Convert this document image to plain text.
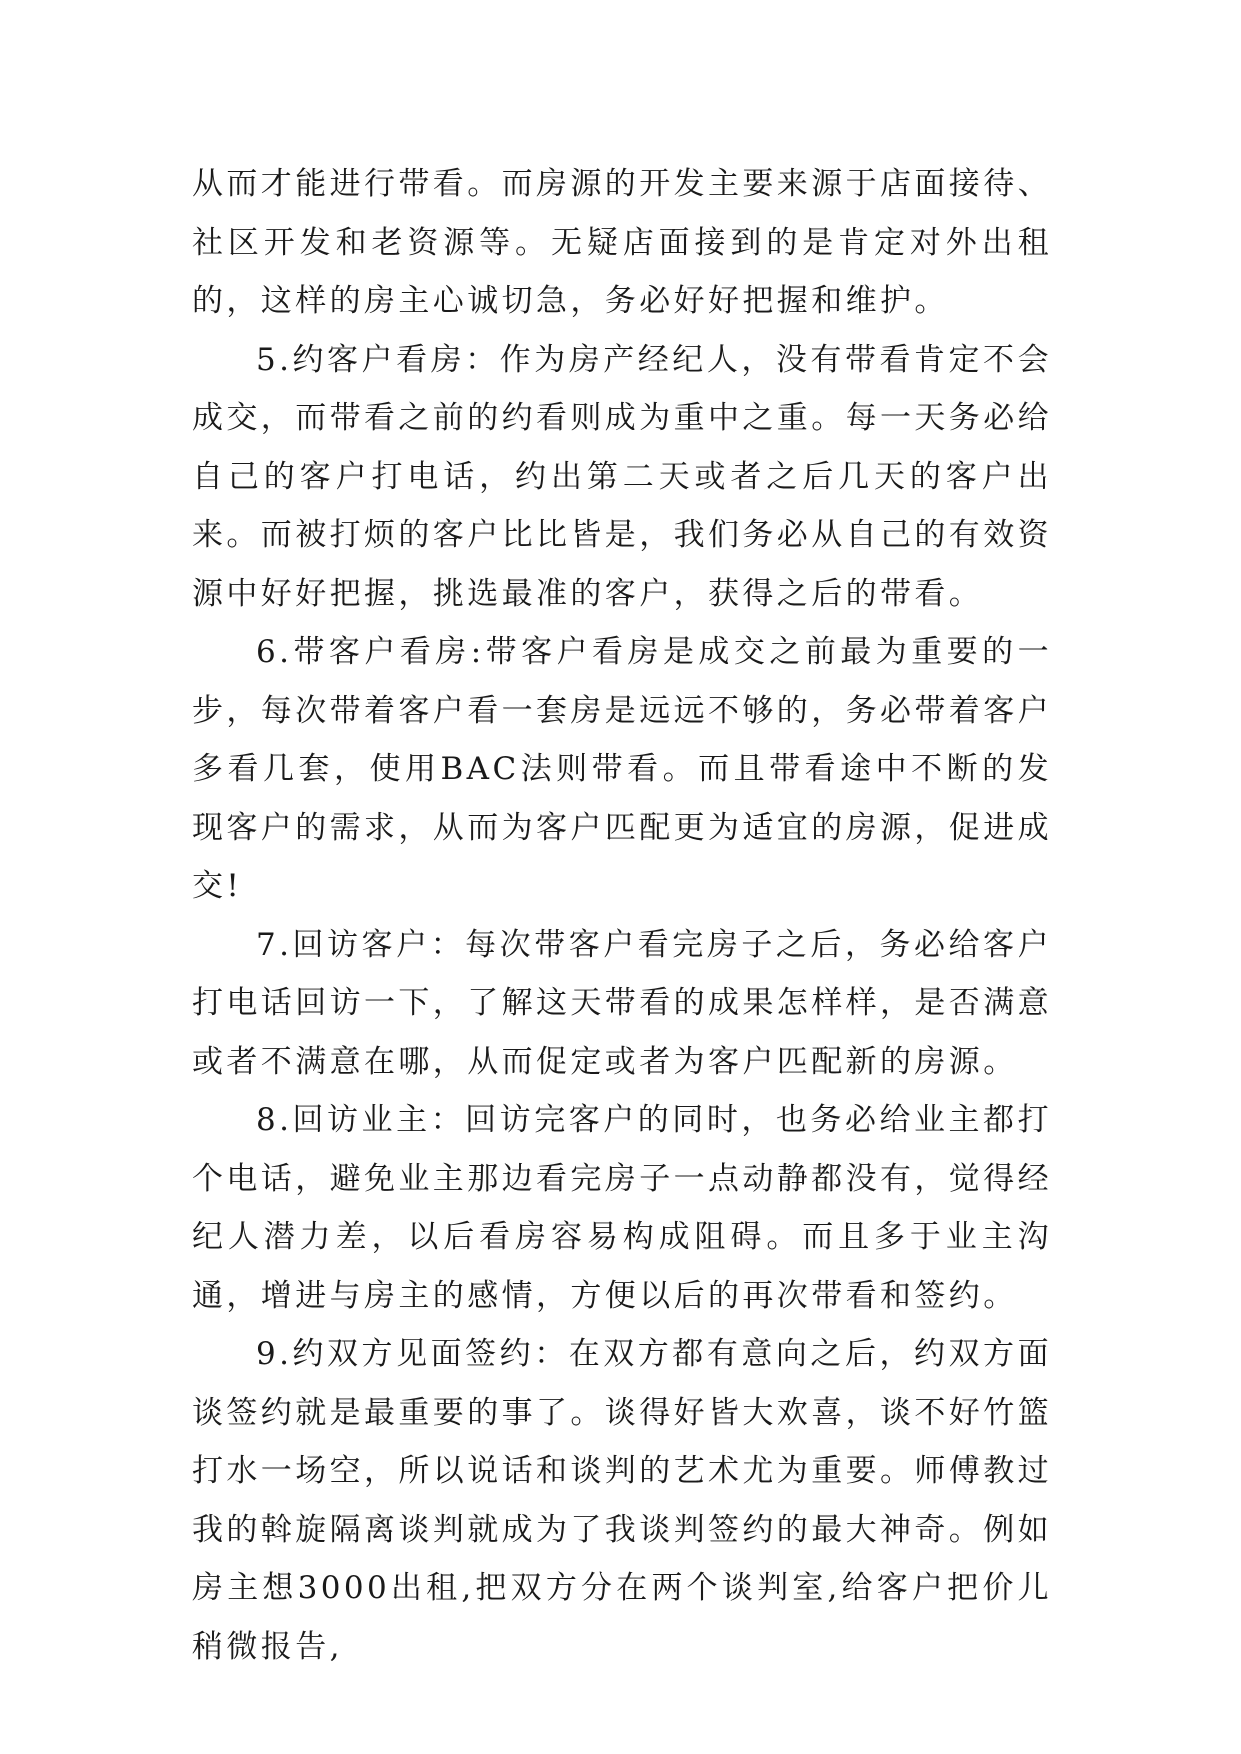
从而才能进行带看。而房源的开发主要来源于店面接待、社区开发和老资源等。无疑店面接到的是肯定对外出租的，这样的房主心诚切急，务必好好把握和维护。

5.约客户看房：作为房产经纪人，没有带看肯定不会成交，而带看之前的约看则成为重中之重。每一天务必给自己的客户打电话，约出第二天或者之后几天的客户出来。而被打烦的客户比比皆是，我们务必从自己的有效资源中好好把握，挑选最准的客户，获得之后的带看。

6.带客户看房:带客户看房是成交之前最为重要的一步，每次带着客户看一套房是远远不够的，务必带着客户多看几套，使用BAC法则带看。而且带看途中不断的发现客户的需求，从而为客户匹配更为适宜的房源，促进成交!

7.回访客户：每次带客户看完房子之后，务必给客户打电话回访一下，了解这天带看的成果怎样样，是否满意或者不满意在哪，从而促定或者为客户匹配新的房源。

8.回访业主：回访完客户的同时，也务必给业主都打个电话，避免业主那边看完房子一点动静都没有，觉得经纪人潜力差，以后看房容易构成阻碍。而且多于业主沟通，增进与房主的感情，方便以后的再次带看和签约。

9.约双方见面签约：在双方都有意向之后，约双方面谈签约就是最重要的事了。谈得好皆大欢喜，谈不好竹篮打水一场空，所以说话和谈判的艺术尤为重要。师傅教过我的斡旋隔离谈判就成为了我谈判签约的最大神奇。例如房主想3000出租,把双方分在两个谈判室,给客户把价儿稍微报告,
